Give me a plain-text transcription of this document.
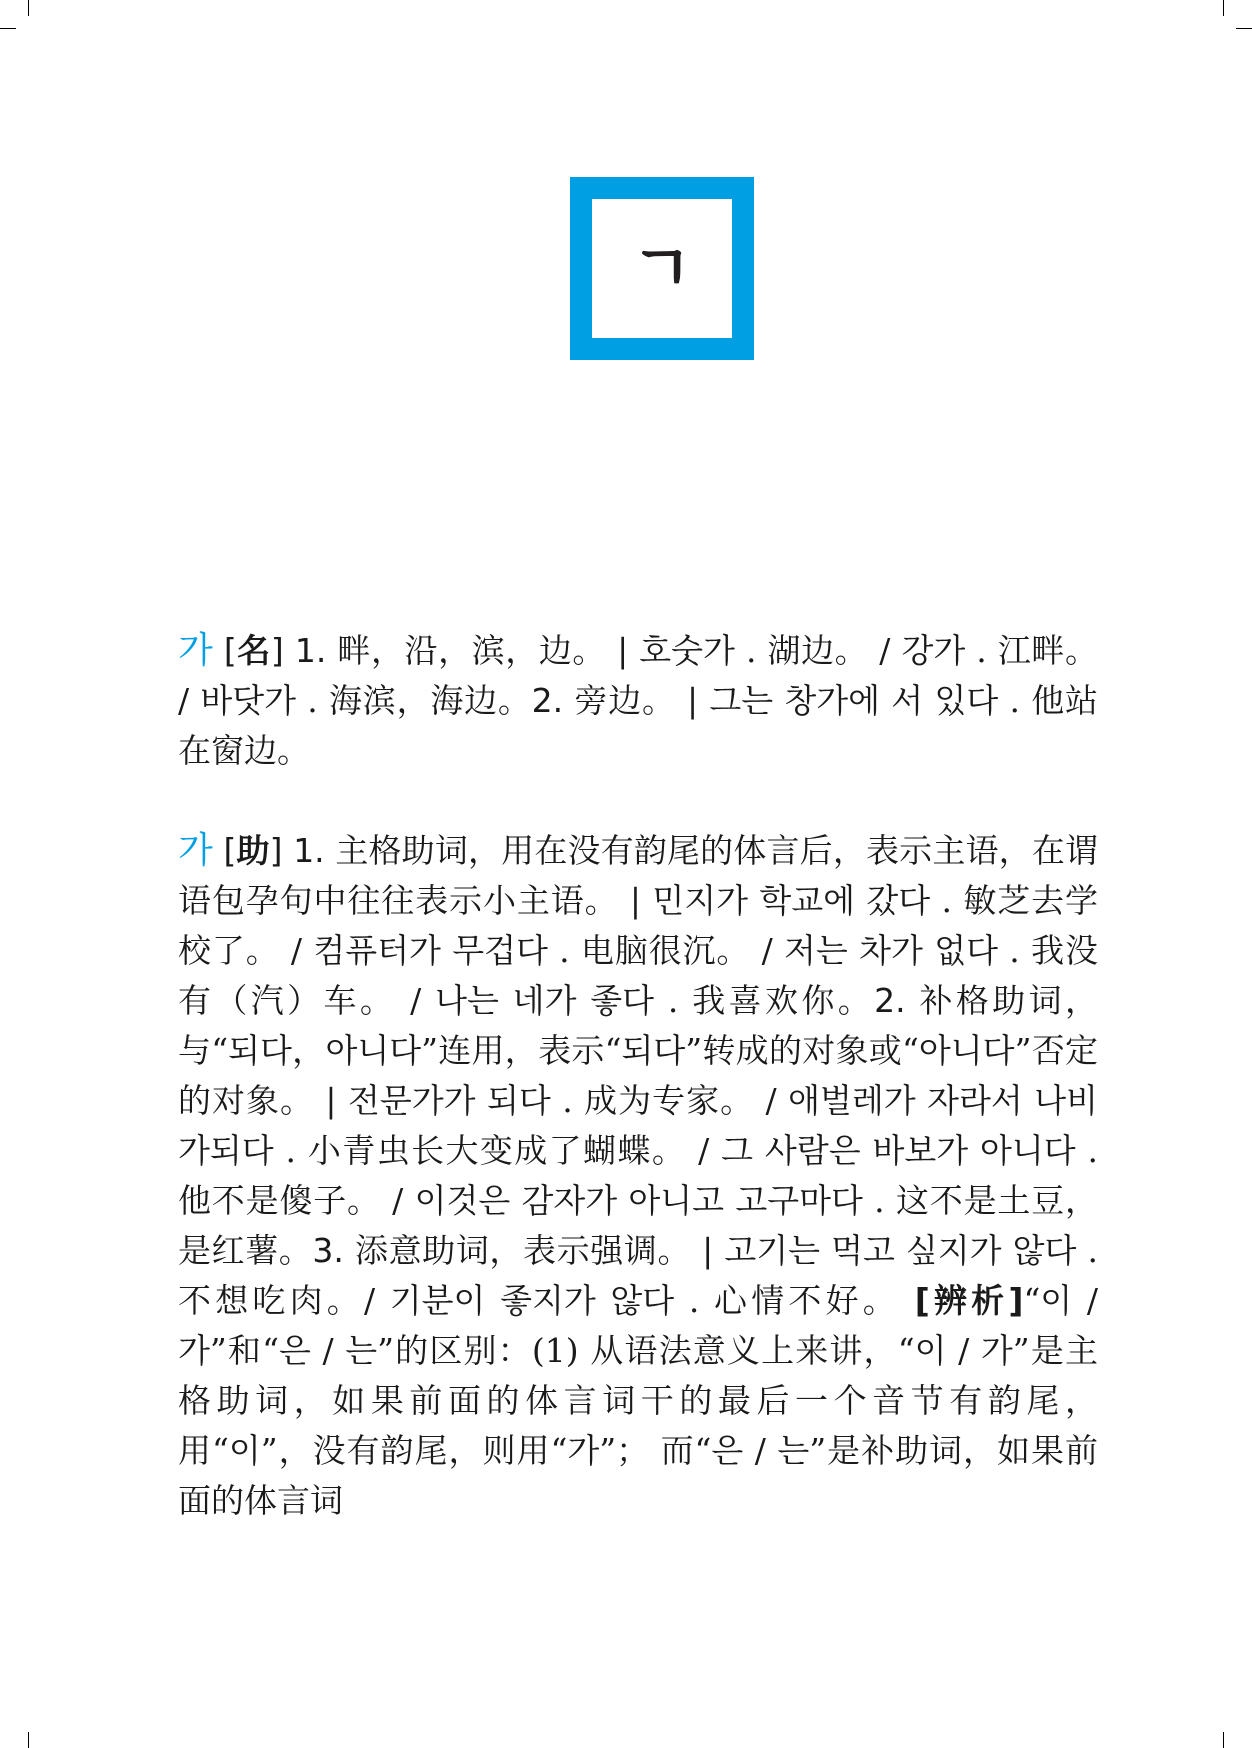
ㄱ

가 [名] 1. 畔，沿，滨，边。 | 호숫가 . 湖边。 / 강가 . 江畔。 / 바닷가 . 海滨，海边。2. 旁边。 | 그는 창가에 서 있다 . 他站在窗边。

가 [助] 1. 主格助词，用在没有韵尾的体言后，表示主语，在谓语包孕句中往往表示小主语。 | 민지가 학교에 갔다 . 敏芝去学校了。 / 컴퓨터가 무겁다 . 电脑很沉。 / 저는 차가 없다 . 我没有（汽）车。 / 나는 네가 좋다 . 我喜欢你。2. 补格助词，与“되다，아니다”连用，表示“되다”转成的对象或“아니다”否定的对象。 | 전문가가 되다 . 成为专家。 / 애벌레가 자라서 나비가되다 . 小青虫长大变成了蝴蝶。 / 그 사람은 바보가 아니다 . 他不是傻子。 / 이것은 감자가 아니고 고구마다 . 这不是土豆，是红薯。3. 添意助词，表示强调。 | 고기는 먹고 싶지가 않다 . 不想吃肉。/ 기분이 좋지가 않다 . 心情不好。 [辨析]“이 / 가”和“은 / 는”的区别：(1) 从语法意义上来讲，“이 / 가”是主格助词，如果前面的体言词干的最后一个音节有韵尾，用“이”，没有韵尾，则用“가”； 而“은 / 는”是补助词，如果前面的体言词
